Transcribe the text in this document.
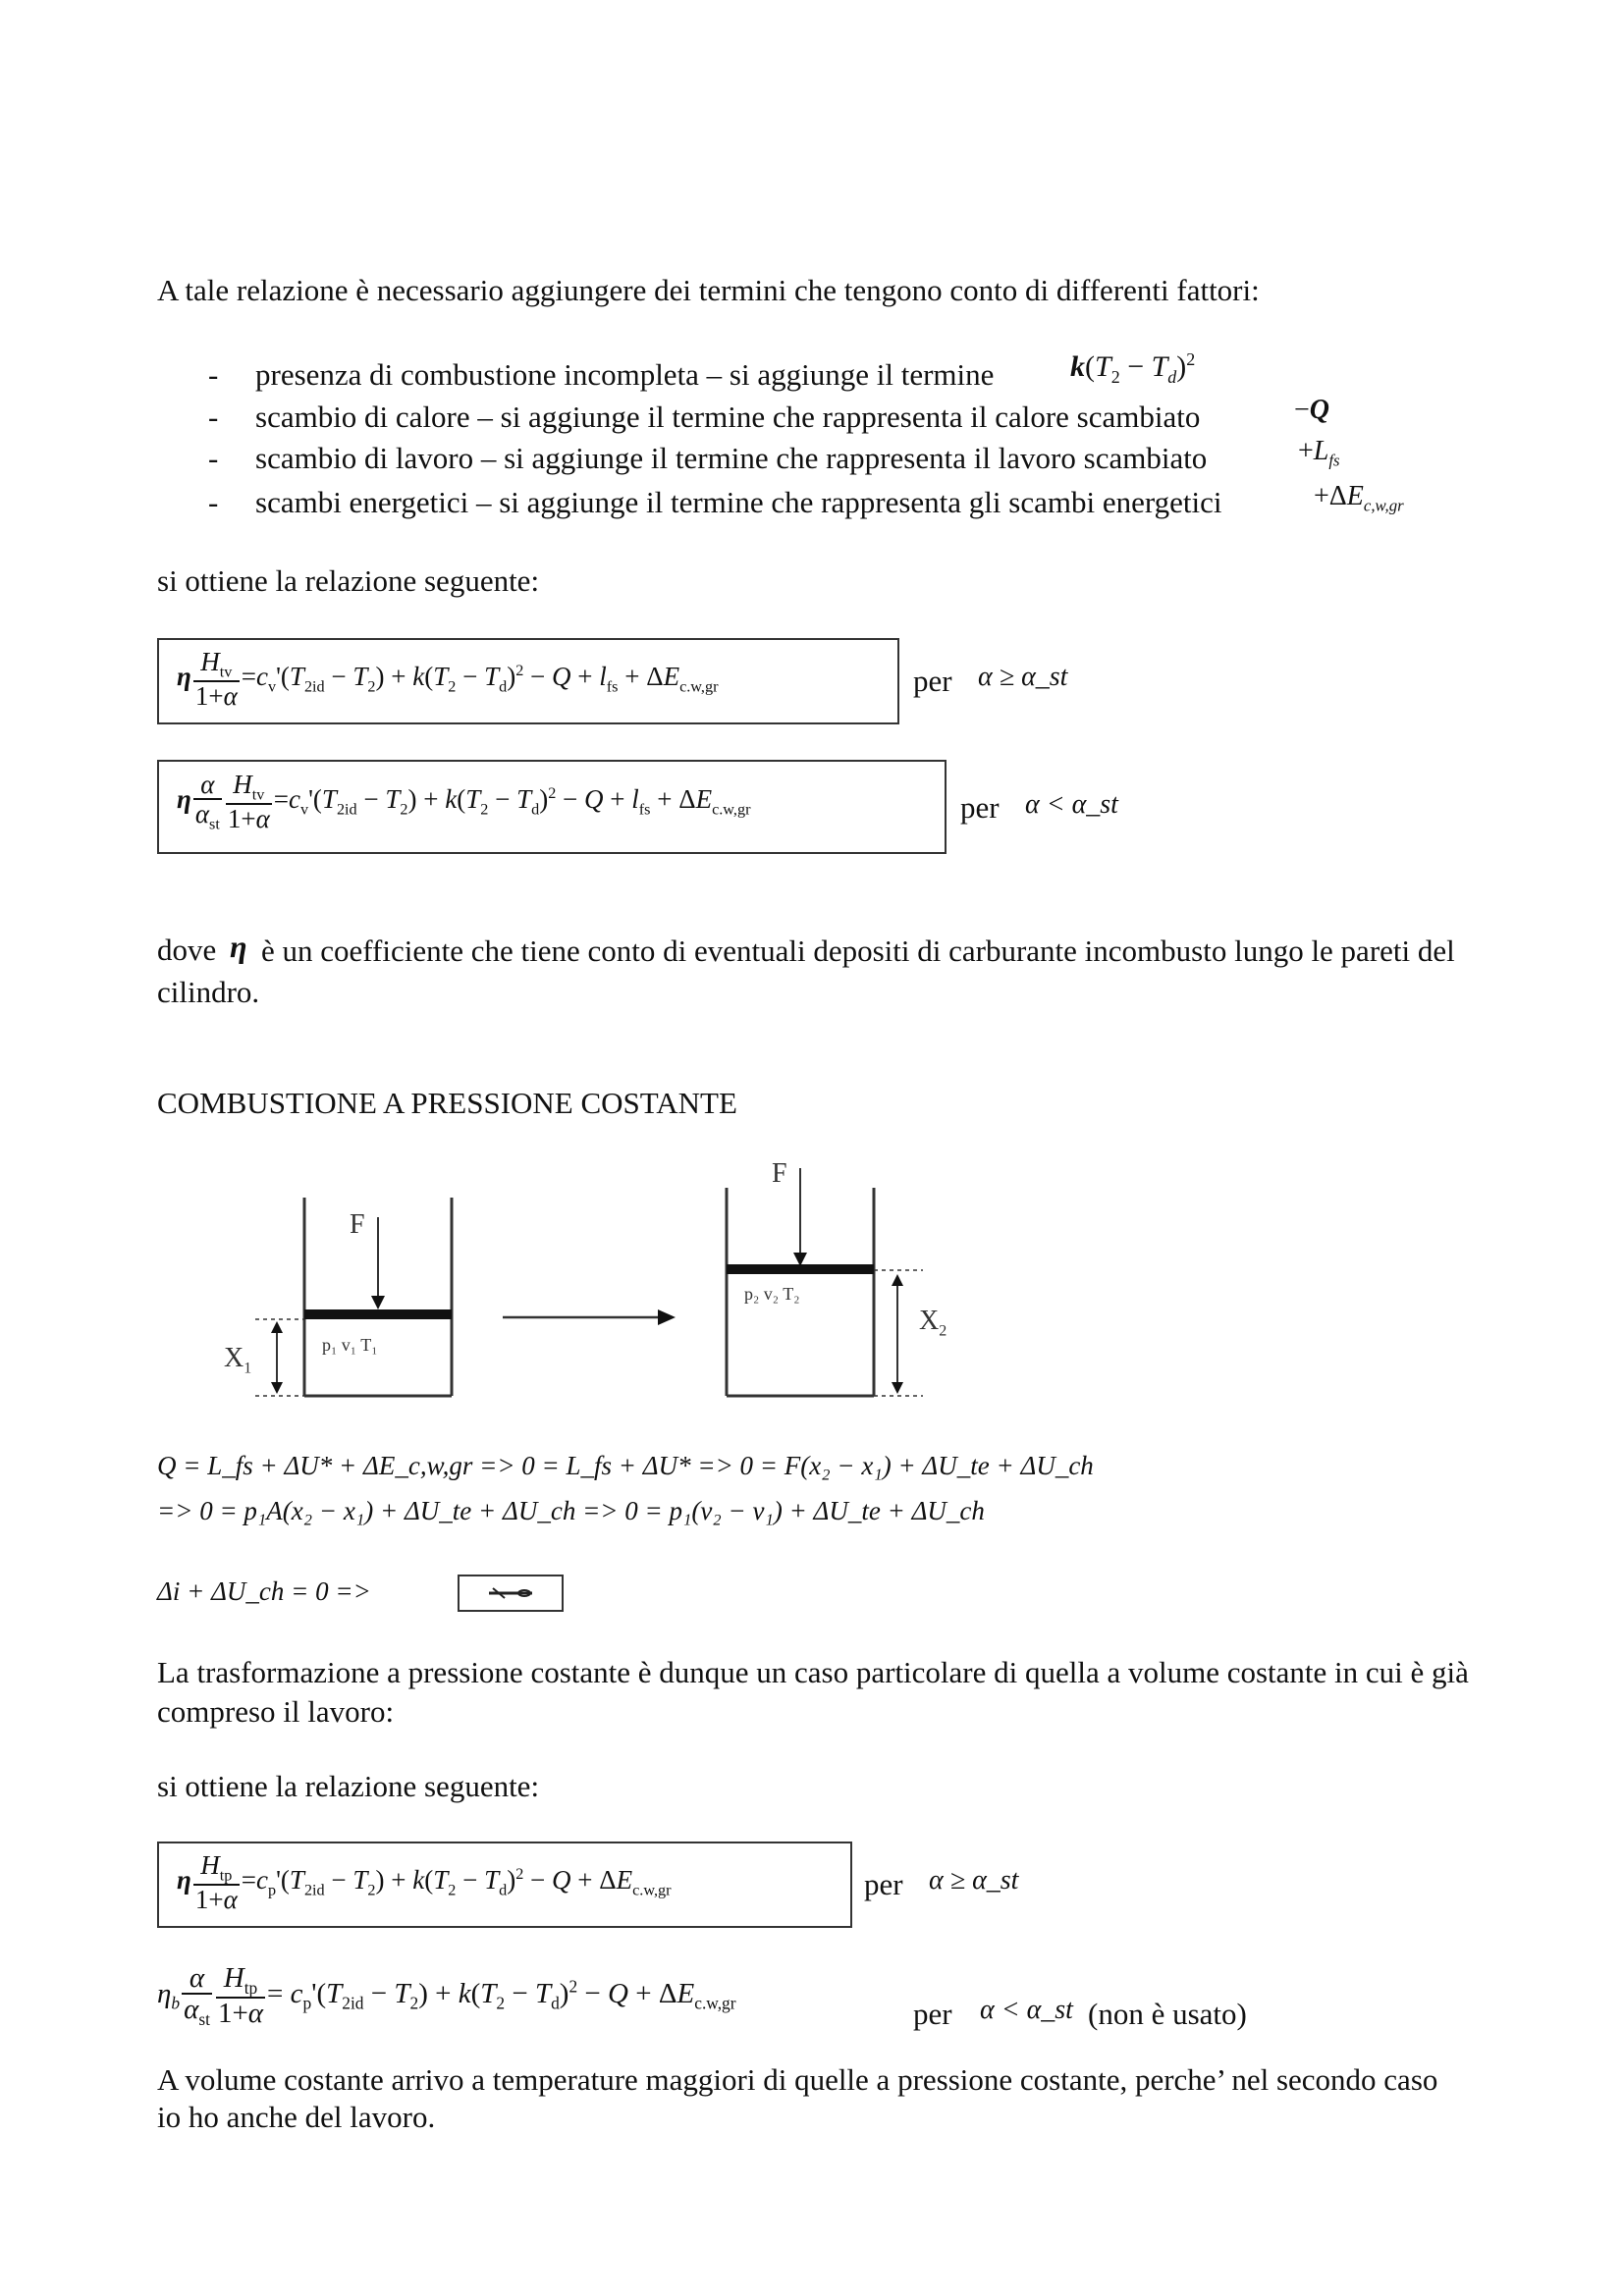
A tale relazione è necessario aggiungere dei termini che tengono conto di differenti fattori:
- presenza di combustione incompleta – si aggiunge il termine	$k(T_2 - T_d)^2$
- scambio di calore – si aggiunge il termine che rappresenta il calore scambiato	−Q
- scambio di lavoro – si aggiunge il termine che rappresenta il lavoro scambiato	$+L_{fs}$
- scambi energetici – si aggiunge il termine che rappresenta gli scambi energetici	$+\Delta E_{c,w,gr}$
si ottiene la relazione seguente:
η $\frac{H_{tv}}{1+\alpha} =c_v'(T_{2id} - T_2) + k(T_2 - T_d)^2 - Q + l_{fs} + \Delta E_{c.w,gr}$	per α ≥ α_st
η $\frac{\alpha}{\alpha_{st}} \frac{H_{tv}}{1+\alpha} =c_v'(T_{2id} - T_2) + k(T_2 - T_d)^2 - Q + l_{fs} + \Delta E_{c.w,gr}$	per α < α_st
dove η è un coefficiente che tiene conto di eventuali depositi di carburante incombusto lungo le pareti del cilindro.
COMBUSTIONE A PRESSIONE COSTANTE
F
F
p₁ v₁ T₁
p₂ v₂ T₂
$X_1$
$X_2$
Q = L_fs + ΔU* + ΔE_c,w,gr => 0 = L_fs + ΔU* => 0 = F(x₂ − x₁) + ΔU_te + ΔU_ch
=> 0 = p₁A(x₂ − x₁) + ΔU_te + ΔU_ch => 0 = p₁(v₂ − v₁) + ΔU_te + ΔU_ch
Δi + ΔU_ch = 0 =>
La trasformazione a pressione costante è dunque un caso particolare di quella a volume costante in cui è già compreso il lavoro:
si ottiene la relazione seguente:
η $\frac{H_{tp}}{1+\alpha} =c_p'(T_{2id} - T_2) + k(T_2 - T_d)^2 - Q + \Delta E_{c.w,gr}$	per α ≥ α_st
$\eta_b \frac{\alpha}{\alpha_{st}} \frac{H_{tp}}{1+\alpha} = c_p'(T_{2id} - T_2) + k(T_2 - T_d)^2 - Q + \Delta E_{c.w,gr}$	per α < α_st (non è usato)
A volume costante arrivo a temperature maggiori di quelle a pressione costante, perche’ nel secondo caso io ho anche del lavoro.
